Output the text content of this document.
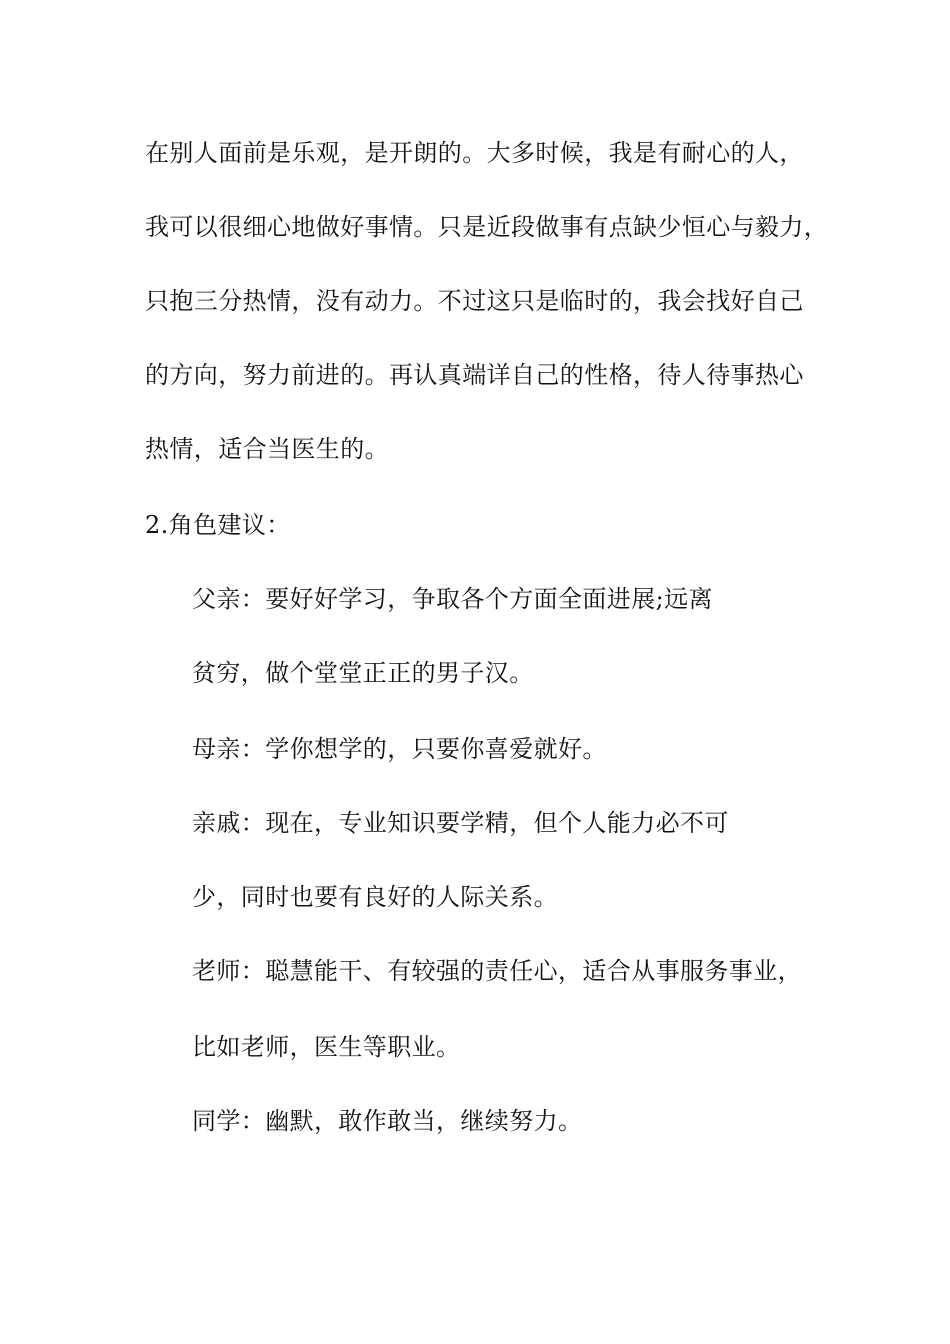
在别人面前是乐观，是开朗的。大多时候，我是有耐心的人，
我可以很细心地做好事情。只是近段做事有点缺少恒心与毅力，
只抱三分热情，没有动力。不过这只是临时的，我会找好自己
的方向，努力前进的。再认真端详自己的性格，待人待事热心
热情，适合当医生的。
2.角色建议：
父亲：要好好学习，争取各个方面全面进展;远离
贫穷，做个堂堂正正的男子汉。
母亲：学你想学的，只要你喜爱就好。
亲戚：现在，专业知识要学精，但个人能力必不可
少，同时也要有良好的人际关系。
老师：聪慧能干、有较强的责任心，适合从事服务事业，
比如老师，医生等职业。
同学：幽默，敢作敢当，继续努力。
